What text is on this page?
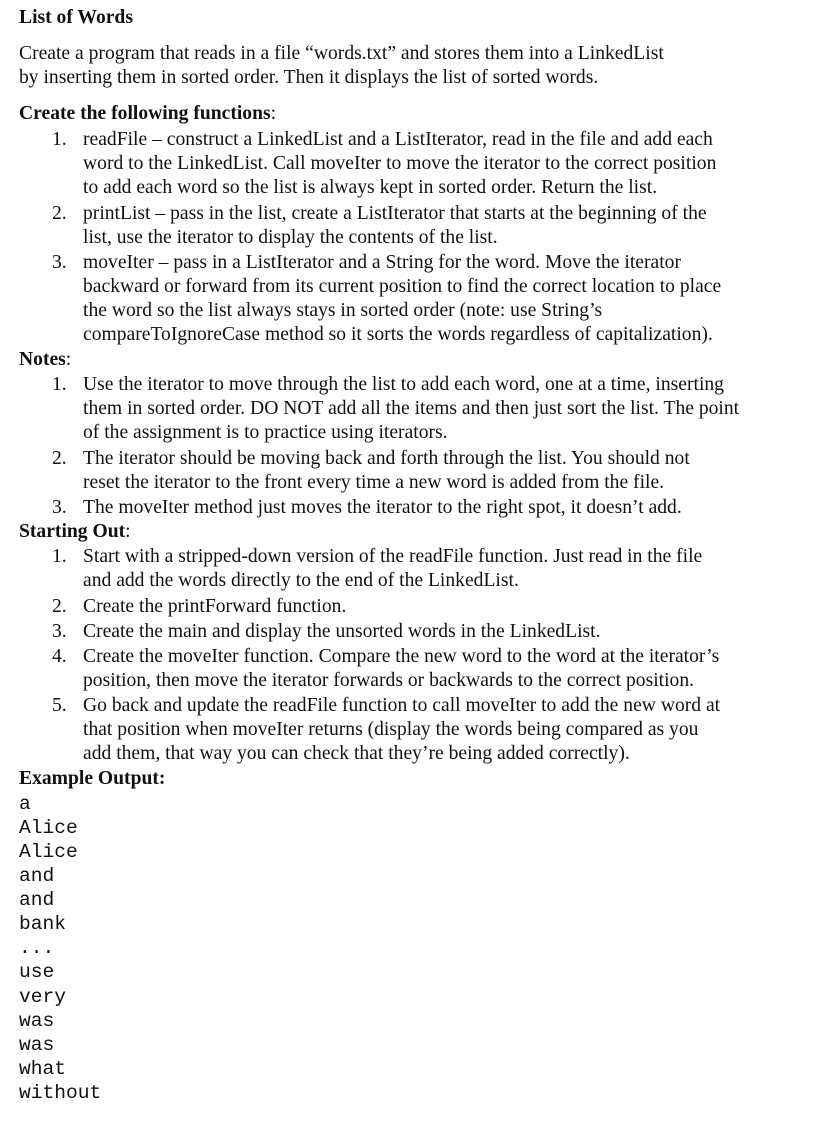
List of Words
Create a program that reads in a file “words.txt” and stores them into a LinkedList
by inserting them in sorted order. Then it displays the list of sorted words.
Create the following functions:
1. readFile – construct a LinkedList and a ListIterator, read in the file and add each
word to the LinkedList. Call moveIter to move the iterator to the correct position
to add each word so the list is always kept in sorted order. Return the list.
2. printList – pass in the list, create a ListIterator that starts at the beginning of the
list, use the iterator to display the contents of the list.
3. moveIter – pass in a ListIterator and a String for the word. Move the iterator
backward or forward from its current position to find the correct location to place
the word so the list always stays in sorted order (note: use String’s
compareToIgnoreCase method so it sorts the words regardless of capitalization).
Notes:
1. Use the iterator to move through the list to add each word, one at a time, inserting
them in sorted order. DO NOT add all the items and then just sort the list. The point
of the assignment is to practice using iterators.
2. The iterator should be moving back and forth through the list. You should not
reset the iterator to the front every time a new word is added from the file.
3. The moveIter method just moves the iterator to the right spot, it doesn’t add.
Starting Out:
1. Start with a stripped-down version of the readFile function. Just read in the file
and add the words directly to the end of the LinkedList.
2. Create the printForward function.
3. Create the main and display the unsorted words in the LinkedList.
4. Create the moveIter function. Compare the new word to the word at the iterator’s
position, then move the iterator forwards or backwards to the correct position.
5. Go back and update the readFile function to call moveIter to add the new word at
that position when moveIter returns (display the words being compared as you
add them, that way you can check that they’re being added correctly).
Example Output:
a
Alice
Alice
and
and
bank
...
use
very
was
was
what
without
